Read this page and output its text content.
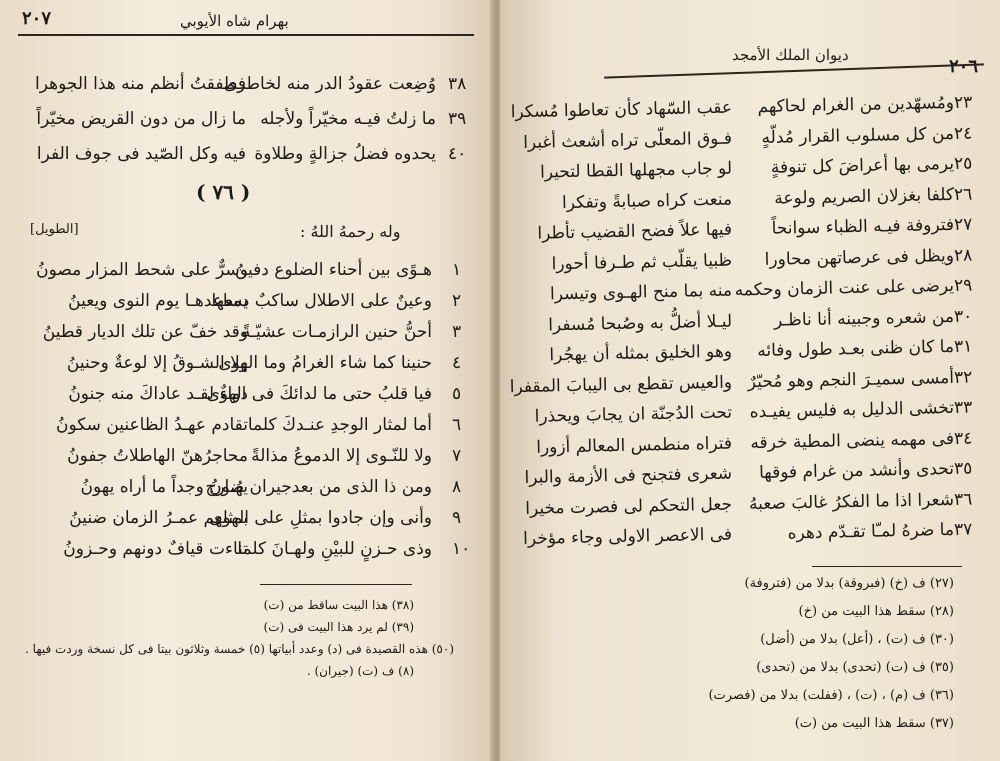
٢٠٧	بهرام شاه الأيوبي
٣٨
وُضِعت عقودُ الدر منه لخاطرى
فطفقتُ أنظم منه هذا الجوهرا
٣٩
ما زلتُ فيـه مخيّراً ولأجله
ما زال من دون القريض مخيّراً
٤٠
يحدوه فضلُ جزالةٍ وطلاوة
فيه وكل الصّيد فى جوف الفرا
( ٧٦ )
[الطويل]	وله رحمهُ اللهُ :
١
هـوًى بين أحناء الضلوع دفينُ
وسرٌّ على شحط المزار مصونُ
٢
وعينٌ على الاطلال ساكبٌ دمعها
يساعدهـا يوم النوى ويعينُ
٣
أحنُّ حنين الرازمـات عشيّـةً
وقد خفّ عن تلك الديار قطينُ
٤
حنينا كما شاء الغرامُ وما الهوى
ولا الشـوقُ إلا لوعةٌ وحنينُ
٥
فيا قلبُ حتى ما لدائكَ فى الهوى
دواءٌ لقـد عاداكَ منه جنونُ
٦
أما لمثار الوجدِ عنـدكَ كلما
تقادم عهـدُ الظاعنين سكونُ
٧
ولا للنّـوى إلا الدموعُ مذالةً
محاجرُهنّ الهاطلاتُ جفونُ
٨
ومن ذا الذى من بعدجيران ضارج
يهُـونُ وجداً ما أراه يهونُ
٩
وأنى وإن جادوا بمثلِ على الهوى
بمثلهم عمـرُ الزمان ضنينُ
١٠
وذى حـزنٍ للبيْنِ ولهـانَ كلما
تناءت قيافٌ دونهم وحـزونُ
(٣٨) هذا البيت ساقط من (ت)
(٣٩) لم يرد هذا البيت فى (ت)
(٥٠) هذه القصيدة فى (د) وعدد أبياتها (٥) خمسة وثلاثون بيتا فى كل نسخة وردت فيها .
(٨) ف (ت) (جيران) .
٢٠٦
ديوان الملك الأمجد
٢٣
ومُسهّدين من الغرام لحاكهم
عقب السّهاد كأن تعاطوا مُسكرا
٢٤
من كل مسلوب القرار مُدلّهٍ
فـوق المعلّى تراه أشعث أغبرا
٢٥
يرمى بها أعراضَ كل تنوفةٍ
لو جاب مجهلها القطا لتحيرا
٢٦
كلفا بغزلان الصريم ولوعة
منعت كراه صبابةً وتفكرا
٢٧
فتروفة فيـه الظباء سوانحاً
فيها علاً فضح القضيب تأطرا
٢٨
ويظل فى عرصاتهن محاورا
ظبيا يقلّب ثم طـرفا أحورا
٢٩
يرضى على عنت الزمان وحكمه
منه بما منح الهـوى وتيسرا
٣٠
من شعره وجبينه أنا ناظـر
ليـلا أضلُّ به وصُبحا مُسفرا
٣١
ما كان ظنى بعـد طول وفائه
وهو الخليق بمثله أن يهجُرا
٣٢
أمسى سميـرَ النجم وهو مُحيّرٌ
والعيس تقطع بى اليبابَ المقفرا
٣٣
تخشى الدليل به فليس يفيـده
تحت الدُجنّة ان يجابَ ويحذرا
٣٤
فى مهمه ينضى المطية خرقه
فتراه منطمس المعالم أزورا
٣٥
تحدى وأنشد من غرام فوقها
شعرى فتجنح فى الأزمة والبرا
٣٦
شعرا اذا ما الفكرُ غالبَ صعبهُ
جعل التحكم لى فصرت مخيرا
٣٧
ما ضرهُ لمـّا تقـدّم دهره
فى الاعصر الاولى وجاء مؤخرا
(٢٧) ف (خ) (فبروقة) بدلا من (فتروفة)
(٢٨) سقط هذا البيت من (خ)
(٣٠) ف (ت) ، (أعل) بدلا من (أضل)
(٣٥) ف (ت) (تحدى) بدلا من (تحدى)
(٣٦) ف (م) ، (ت) ، (ففلت) بدلا من (فصرت)
(٣٧) سقط هذا البيت من (ت)
